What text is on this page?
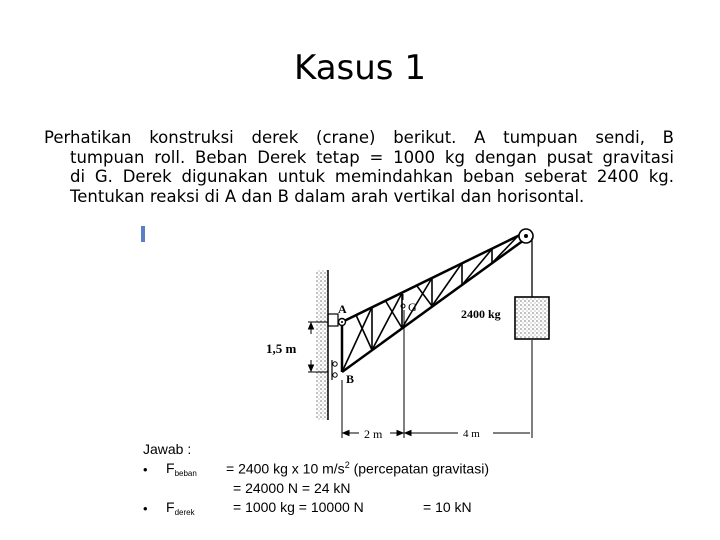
Kasus 1
Perhatikan konstruksi derek (crane) berikut. A tumpuan sendi, B
tumpuan roll. Beban Derek tetap = 1000 kg dengan pusat gravitasi
di G. Derek digunakan untuk memindahkan beban seberat 2400 kg.
Tentukan reaksi di A dan B dalam arah vertikal dan horisontal.
A
B
G
1,5 m
2400 kg
2 m	4 m
Jawab :
• $F_{beban} = 2400$ kg x 10 $m/s^2$ (percepatan gravitasi)
= 24000 N = 24 kN
• $F_{derek}$	= 1000 kg = 10000 N	= 10 kN
